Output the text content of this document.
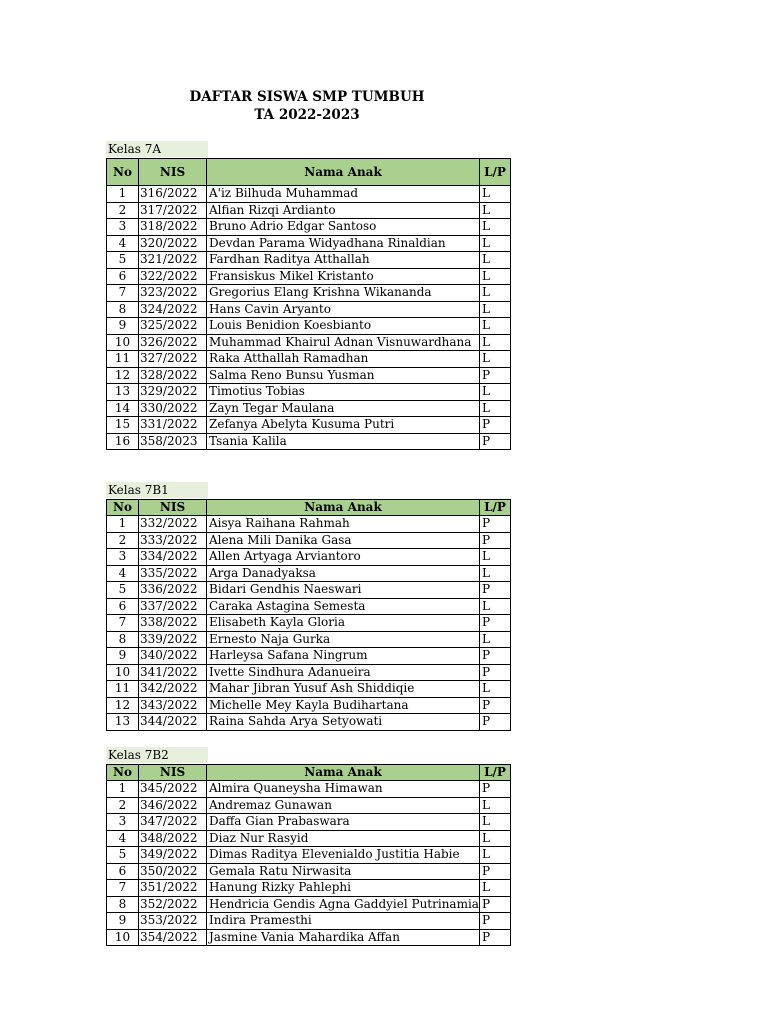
DAFTAR SISWA SMP TUMBUH
TA 2022-2023
Kelas 7A
No	NIS	Nama Anak	L/P
1	316/2022	A'iz Bilhuda Muhammad	L
2	317/2022	Alfian Rizqi Ardianto	L
3	318/2022	Bruno Adrio Edgar Santoso	L
4	320/2022	Devdan Parama Widyadhana Rinaldian	L
5	321/2022	Fardhan Raditya Atthallah	L
6	322/2022	Fransiskus Mikel Kristanto	L
7	323/2022	Gregorius Elang Krishna Wikananda	L
8	324/2022	Hans Cavin Aryanto	L
9	325/2022	Louis Benidion Koesbianto	L
10	326/2022	Muhammad Khairul Adnan Visnuwardhana	L
11	327/2022	Raka Atthallah Ramadhan	L
12	328/2022	Salma Reno Bunsu Yusman	P
13	329/2022	Timotius Tobias	L
14	330/2022	Zayn Tegar Maulana	L
15	331/2022	Zefanya Abelyta Kusuma Putri	P
16	358/2023	Tsania Kalila	P
Kelas 7B1
No	NIS	Nama Anak	L/P
1	332/2022	Aisya Raihana Rahmah	P
2	333/2022	Alena Mili Danika Gasa	P
3	334/2022	Allen Artyaga Arviantoro	L
4	335/2022	Arga Danadyaksa	L
5	336/2022	Bidari Gendhis Naeswari	P
6	337/2022	Caraka Astagina Semesta	L
7	338/2022	Elisabeth Kayla Gloria	P
8	339/2022	Ernesto Naja Gurka	L
9	340/2022	Harleysa Safana Ningrum	P
10	341/2022	Ivette Sindhura Adanueira	P
11	342/2022	Mahar Jibran Yusuf Ash Shiddiqie	L
12	343/2022	Michelle Mey Kayla Budihartana	P
13	344/2022	Raina Sahda Arya Setyowati	P
Kelas 7B2
No	NIS	Nama Anak	L/P
1	345/2022	Almira Quaneysha Himawan	P
2	346/2022	Andremaz Gunawan	L
3	347/2022	Daffa Gian Prabaswara	L
4	348/2022	Diaz Nur Rasyid	L
5	349/2022	Dimas Raditya Elevenialdo Justitia Habie	L
6	350/2022	Gemala Ratu Nirwasita	P
7	351/2022	Hanung Rizky Pahlephi	L
8	352/2022	Hendricia Gendis Agna Gaddyiel Putrinamia	P
9	353/2022	Indira Pramesthi	P
10	354/2022	Jasmine Vania Mahardika Affan	P
